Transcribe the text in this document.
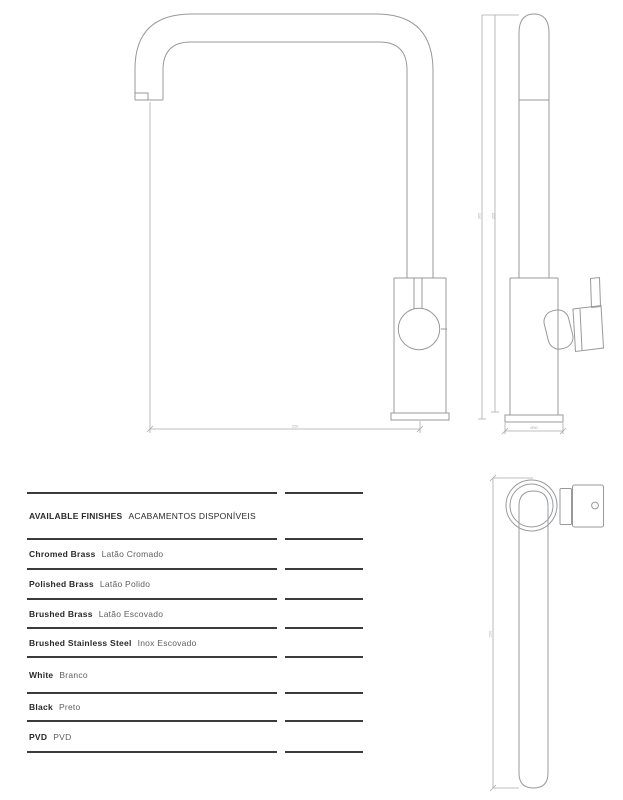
220
365 355
Ø50
250
AVAILABLE FINISHES ACABAMENTOS DISPONÍVEIS
Chromed Brass Latão Cromado
Polished Brass Latão Polido
Brushed Brass Latão Escovado
Brushed Stainless Steel Inox Escovado
White Branco
Black Preto
PVD PVD
